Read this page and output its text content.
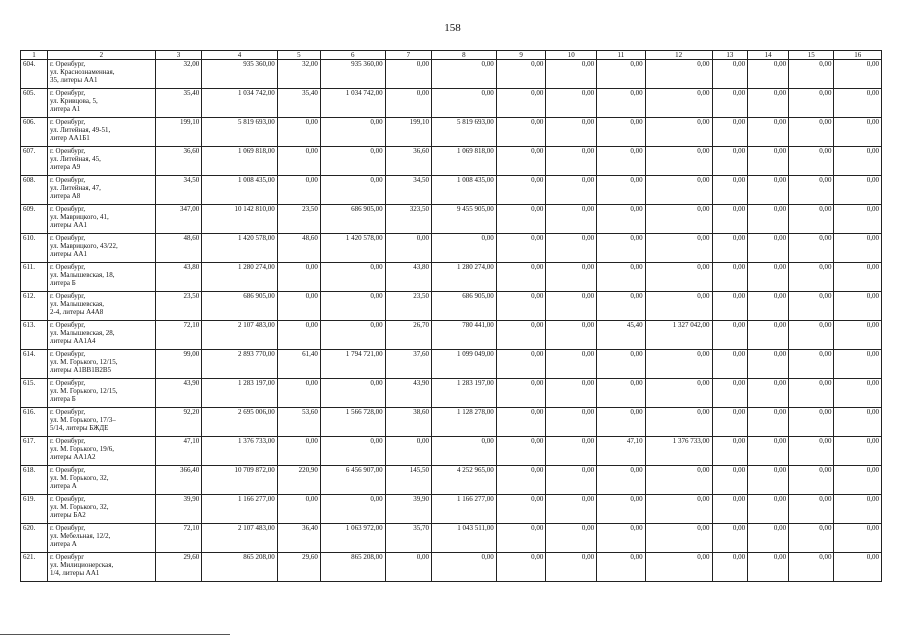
158
1	2	3	4	5	6	7	8	9	10	11	12	13	14	15	16
604.	г. Оренбург,
ул. Краснознаменная,
35, литеры АА1	32,00	935 360,00	32,00	935 360,00	0,00	0,00	0,00	0,00	0,00	0,00	0,00	0,00	0,00	0,00
605.	г. Оренбург,
ул. Кривцова, 5,
литера А1	35,40	1 034 742,00	35,40	1 034 742,00	0,00	0,00	0,00	0,00	0,00	0,00	0,00	0,00	0,00	0,00
606.	г. Оренбург,
ул. Литейная, 49-51,
литер АА1Б1	199,10	5 819 693,00	0,00	0,00	199,10	5 819 693,00	0,00	0,00	0,00	0,00	0,00	0,00	0,00	0,00
607.	г. Оренбург,
ул. Литейная, 45,
литера А9	36,60	1 069 818,00	0,00	0,00	36,60	1 069 818,00	0,00	0,00	0,00	0,00	0,00	0,00	0,00	0,00
608.	г. Оренбург,
ул. Литейная, 47,
литера А8	34,50	1 008 435,00	0,00	0,00	34,50	1 008 435,00	0,00	0,00	0,00	0,00	0,00	0,00	0,00	0,00
609.	г. Оренбург,
ул. Маврицкого, 41,
литеры АА1	347,00	10 142 810,00	23,50	686 905,00	323,50	9 455 905,00	0,00	0,00	0,00	0,00	0,00	0,00	0,00	0,00
610.	г. Оренбург,
ул. Маврицкого, 43/22,
литеры АА1	48,60	1 420 578,00	48,60	1 420 578,00	0,00	0,00	0,00	0,00	0,00	0,00	0,00	0,00	0,00	0,00
611.	г. Оренбург,
ул. Малышевская, 18,
литера Б	43,80	1 280 274,00	0,00	0,00	43,80	1 280 274,00	0,00	0,00	0,00	0,00	0,00	0,00	0,00	0,00
612.	г. Оренбург,
ул. Малышевская,
2-4, литеры А4А8	23,50	686 905,00	0,00	0,00	23,50	686 905,00	0,00	0,00	0,00	0,00	0,00	0,00	0,00	0,00
613.	г. Оренбург,
ул. Малышевская, 28,
литеры АА1А4	72,10	2 107 483,00	0,00	0,00	26,70	780 441,00	0,00	0,00	45,40	1 327 042,00	0,00	0,00	0,00	0,00
614.	г. Оренбург,
ул. М. Горького, 12/15,
литеры А1ВВ1В2В5	99,00	2 893 770,00	61,40	1 794 721,00	37,60	1 099 049,00	0,00	0,00	0,00	0,00	0,00	0,00	0,00	0,00
615.	г. Оренбург,
ул. М. Горького, 12/15,
литера Б	43,90	1 283 197,00	0,00	0,00	43,90	1 283 197,00	0,00	0,00	0,00	0,00	0,00	0,00	0,00	0,00
616.	г. Оренбург,
ул. М. Горького, 17/3–
5/14, литеры БЖДЕ	92,20	2 695 006,00	53,60	1 566 728,00	38,60	1 128 278,00	0,00	0,00	0,00	0,00	0,00	0,00	0,00	0,00
617.	г. Оренбург,
ул. М. Горького, 19/6,
литеры АА1А2	47,10	1 376 733,00	0,00	0,00	0,00	0,00	0,00	0,00	47,10	1 376 733,00	0,00	0,00	0,00	0,00
618.	г. Оренбург,
ул. М. Горького, 32,
литера А	366,40	10 709 872,00	220,90	6 456 907,00	145,50	4 252 965,00	0,00	0,00	0,00	0,00	0,00	0,00	0,00	0,00
619.	г. Оренбург,
ул. М. Горького, 32,
литеры БА2	39,90	1 166 277,00	0,00	0,00	39,90	1 166 277,00	0,00	0,00	0,00	0,00	0,00	0,00	0,00	0,00
620.	г. Оренбург,
ул. Мебельная, 12/2,
литера А	72,10	2 107 483,00	36,40	1 063 972,00	35,70	1 043 511,00	0,00	0,00	0,00	0,00	0,00	0,00	0,00	0,00
621.	г. Оренбург
ул. Милиционерская,
1/4, литеры АА1	29,60	865 208,00	29,60	865 208,00	0,00	0,00	0,00	0,00	0,00	0,00	0,00	0,00	0,00	0,00
